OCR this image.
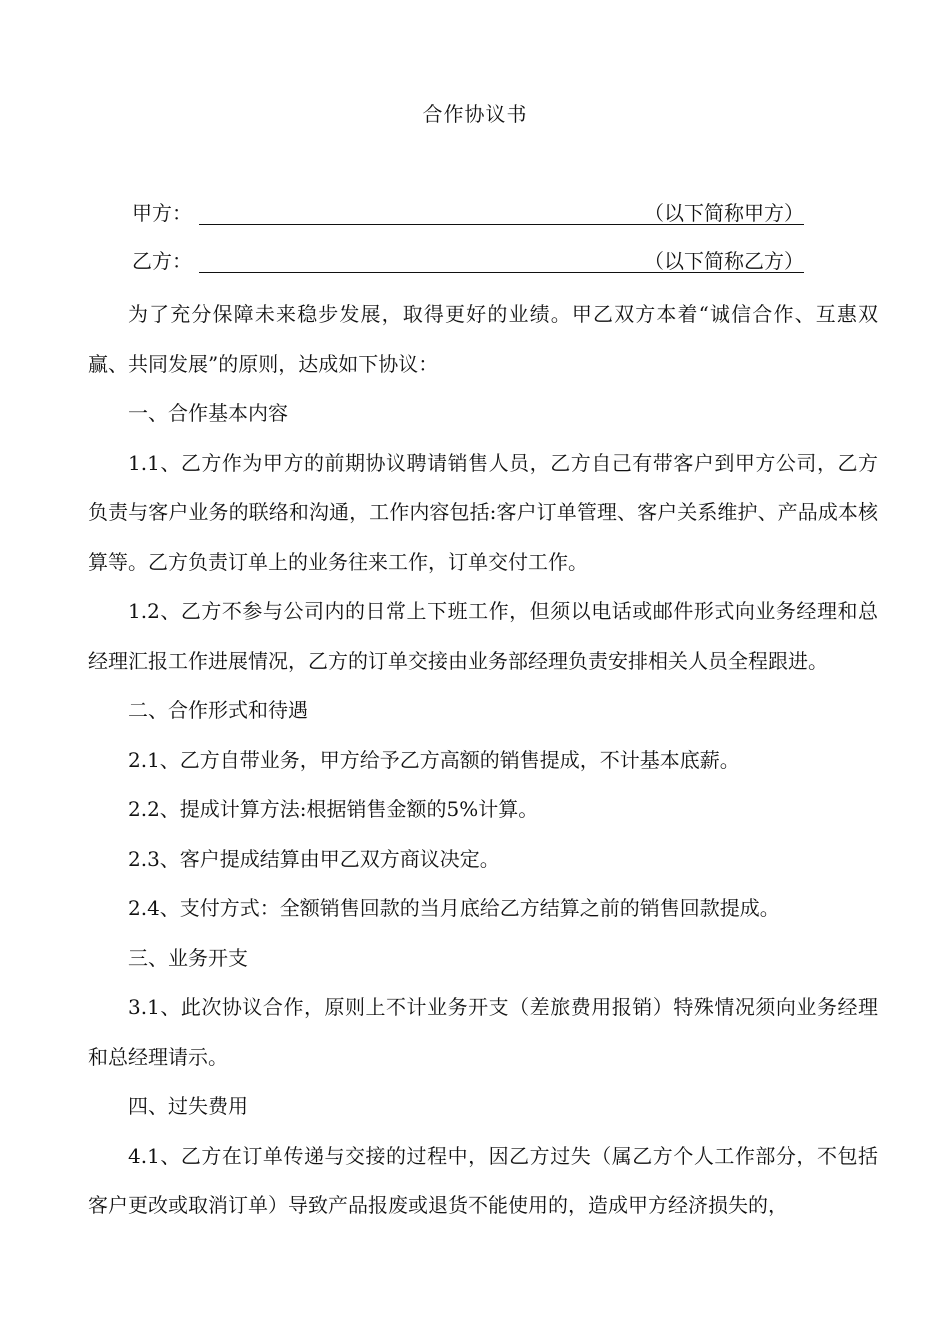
合作协议书
甲方：	（以下简称甲方）
乙方：	（以下简称乙方）

为了充分保障未来稳步发展，取得更好的业绩。甲乙双方本着“诚信合作、互惠双赢、共同发展”的原则，达成如下协议：

一、合作基本内容

1.1、乙方作为甲方的前期协议聘请销售人员，乙方自己有带客户到甲方公司，乙方负责与客户业务的联络和沟通，工作内容包括:客户订单管理、客户关系维护、产品成本核算等。乙方负责订单上的业务往来工作，订单交付工作。

1.2、乙方不参与公司内的日常上下班工作，但须以电话或邮件形式向业务经理和总经理汇报工作进展情况，乙方的订单交接由业务部经理负责安排相关人员全程跟进。

二、合作形式和待遇

2.1、乙方自带业务，甲方给予乙方高额的销售提成，不计基本底薪。

2.2、提成计算方法:根据销售金额的5%计算。

2.3、客户提成结算由甲乙双方商议决定。

2.4、支付方式：全额销售回款的当月底给乙方结算之前的销售回款提成。

三、业务开支

3.1、此次协议合作，原则上不计业务开支（差旅费用报销）特殊情况须向业务经理和总经理请示。

四、过失费用

4.1、乙方在订单传递与交接的过程中，因乙方过失（属乙方个人工作部分，不包括客户更改或取消订单）导致产品报废或退货不能使用的，造成甲方经济损失的，
